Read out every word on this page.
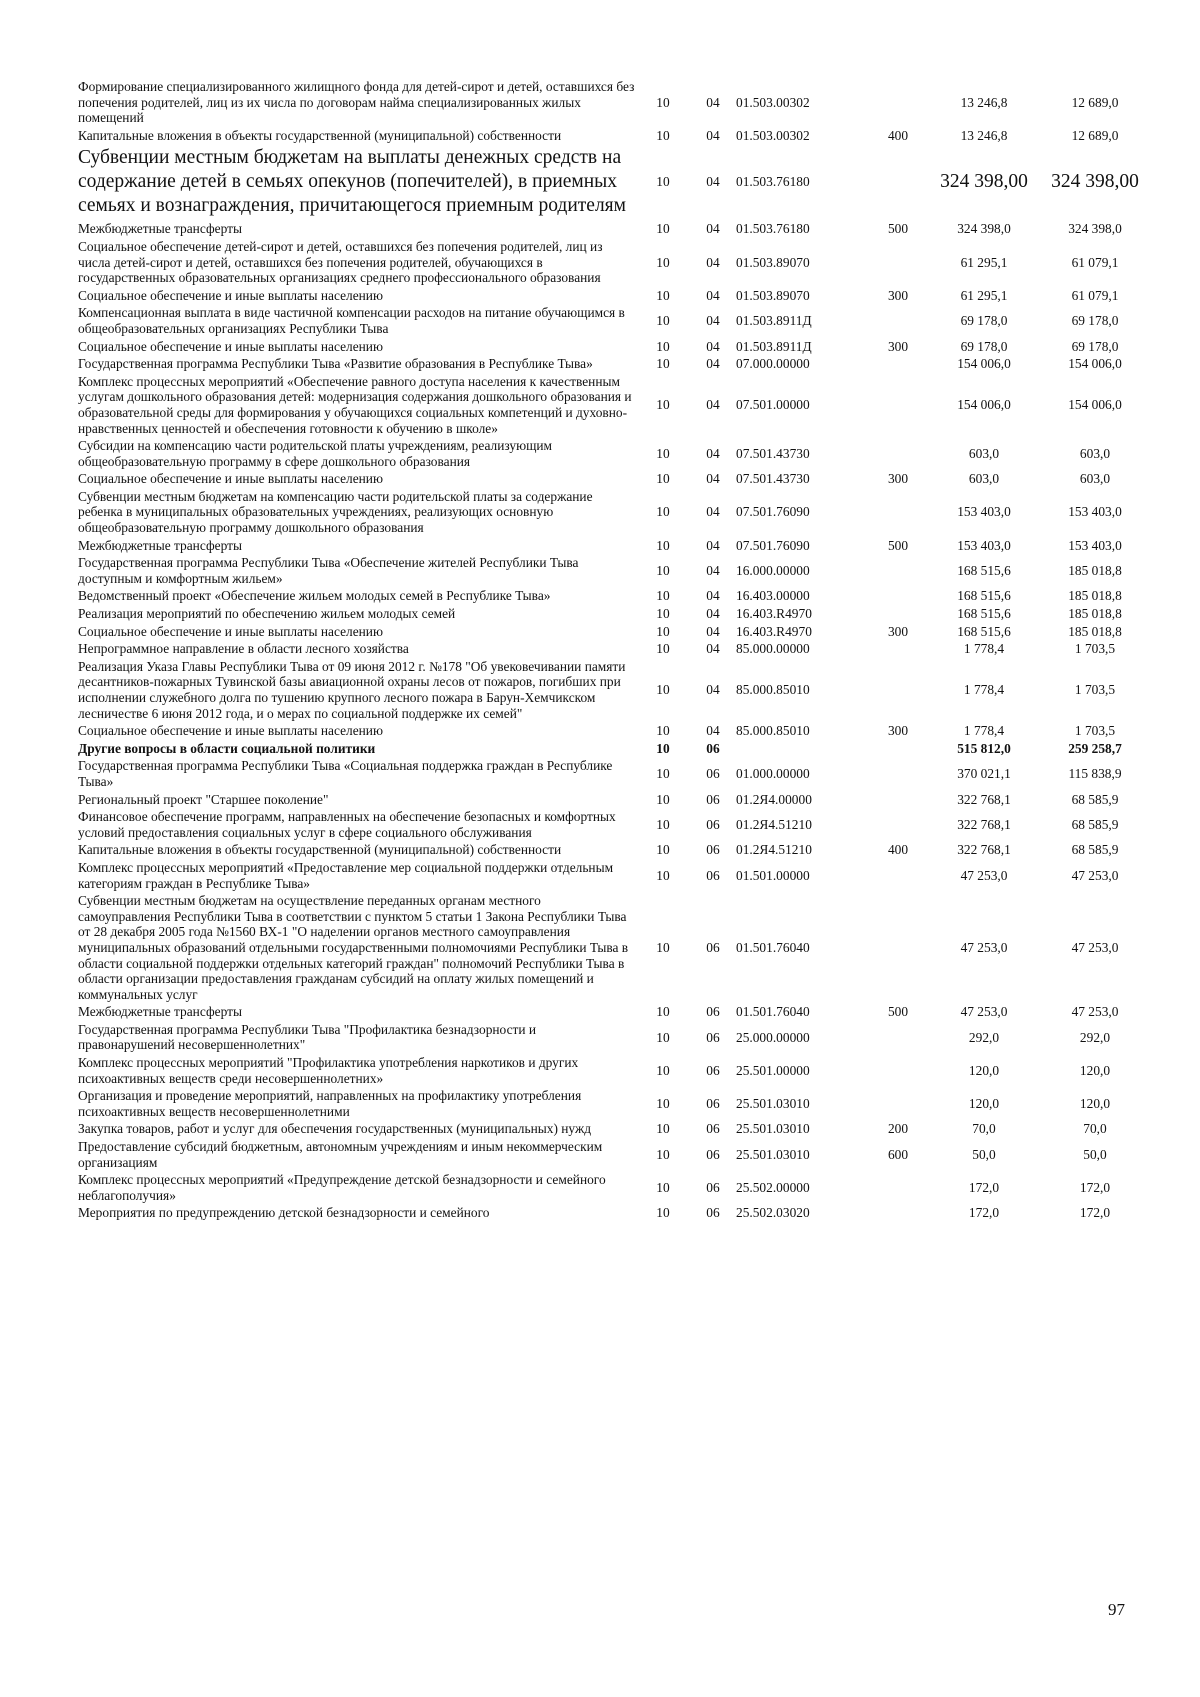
Формирование специализированного жилищного фонда для детей-сирот и детей, оставшихся без попечения родителей, лиц из их числа по договорам найма специализированных жилых помещений	10	04	01.503.00302		13 246,8	12 689,0
Капитальные вложения в объекты государственной (муниципальной) собственности	10	04	01.503.00302	400	13 246,8	12 689,0
Субвенции местным бюджетам на выплаты денежных средств на содержание детей в семьях опекунов (попечителей), в приемных семьях и вознаграждения, причитающегося приемным родителям	10	04	01.503.76180		324 398,00	324 398,00
Межбюджетные трансферты	10	04	01.503.76180	500	324 398,0	324 398,0
Социальное обеспечение детей-сирот и детей, оставшихся без попечения родителей, лиц из числа детей-сирот и детей, оставшихся без попечения родителей, обучающихся в государственных образовательных организациях среднего профессионального образования	10	04	01.503.89070		61 295,1	61 079,1
Социальное обеспечение и иные выплаты населению	10	04	01.503.89070	300	61 295,1	61 079,1
Компенсационная выплата в виде частичной компенсации расходов на питание обучающимся в общеобразовательных организациях Республики Тыва	10	04	01.503.8911Д		69 178,0	69 178,0
Социальное обеспечение и иные выплаты населению	10	04	01.503.8911Д	300	69 178,0	69 178,0
Государственная программа Республики Тыва «Развитие образования в Республике Тыва»	10	04	07.000.00000		154 006,0	154 006,0
Комплекс процессных мероприятий «Обеспечение равного доступа населения к качественным услугам дошкольного образования детей: модернизация содержания дошкольного образования и образовательной среды для формирования у обучающихся социальных компетенций и духовно-нравственных ценностей и обеспечения готовности к обучению в школе»	10	04	07.501.00000		154 006,0	154 006,0
Субсидии на компенсацию части родительской платы учреждениям, реализующим общеобразовательную программу в сфере дошкольного образования	10	04	07.501.43730		603,0	603,0
Социальное обеспечение и иные выплаты населению	10	04	07.501.43730	300	603,0	603,0
Субвенции местным бюджетам на компенсацию части родительской платы за содержание ребенка в муниципальных образовательных учреждениях, реализующих основную общеобразовательную программу дошкольного образования	10	04	07.501.76090		153 403,0	153 403,0
Межбюджетные трансферты	10	04	07.501.76090	500	153 403,0	153 403,0
Государственная программа Республики Тыва «Обеспечение жителей Республики Тыва доступным и комфортным жильем»	10	04	16.000.00000		168 515,6	185 018,8
Ведомственный проект «Обеспечение жильем молодых семей в Республике Тыва»	10	04	16.403.00000		168 515,6	185 018,8
Реализация мероприятий по обеспечению жильем молодых семей	10	04	16.403.R4970		168 515,6	185 018,8
Социальное обеспечение и иные выплаты населению	10	04	16.403.R4970	300	168 515,6	185 018,8
Непрограммное направление в области лесного хозяйства	10	04	85.000.00000		1 778,4	1 703,5
Реализация Указа Главы Республики Тыва от 09 июня 2012 г. №178 "Об увековечивании памяти десантников-пожарных Тувинской базы авиационной охраны лесов от пожаров, погибших при исполнении служебного долга по тушению крупного лесного пожара в Барун-Хемчикском лесничестве 6 июня 2012 года, и о мерах по социальной поддержке их семей"	10	04	85.000.85010		1 778,4	1 703,5
Социальное обеспечение и иные выплаты населению	10	04	85.000.85010	300	1 778,4	1 703,5
Другие вопросы в области социальной политики	10	06			515 812,0	259 258,7
Государственная программа Республики Тыва «Социальная поддержка граждан в Республике Тыва»	10	06	01.000.00000		370 021,1	115 838,9
Региональный проект "Старшее поколение"	10	06	01.2Я4.00000		322 768,1	68 585,9
Финансовое обеспечение программ, направленных на обеспечение безопасных и комфортных условий предоставления социальных услуг в сфере социального обслуживания	10	06	01.2Я4.51210		322 768,1	68 585,9
Капитальные вложения в объекты государственной (муниципальной) собственности	10	06	01.2Я4.51210	400	322 768,1	68 585,9
Комплекс процессных мероприятий «Предоставление мер социальной поддержки отдельным категориям граждан в Республике Тыва»	10	06	01.501.00000		47 253,0	47 253,0
Субвенции местным бюджетам на осуществление переданных органам местного самоуправления Республики Тыва в соответствии с пунктом 5 статьи 1 Закона Республики Тыва от 28 декабря 2005 года №1560 ВХ-1 "О наделении органов местного самоуправления муниципальных образований отдельными государственными полномочиями Республики Тыва в области социальной поддержки отдельных категорий граждан" полномочий Республики Тыва в области организации предоставления гражданам субсидий на оплату жилых помещений и коммунальных услуг	10	06	01.501.76040		47 253,0	47 253,0
Межбюджетные трансферты	10	06	01.501.76040	500	47 253,0	47 253,0
Государственная программа Республики Тыва "Профилактика безнадзорности и правонарушений несовершеннолетних"	10	06	25.000.00000		292,0	292,0
Комплекс процессных мероприятий "Профилактика употребления наркотиков и других психоактивных веществ среди несовершеннолетних»	10	06	25.501.00000		120,0	120,0
Организация и проведение мероприятий, направленных на профилактику употребления психоактивных веществ несовершеннолетними	10	06	25.501.03010		120,0	120,0
Закупка товаров, работ и услуг для обеспечения государственных (муниципальных) нужд	10	06	25.501.03010	200	70,0	70,0
Предоставление субсидий бюджетным, автономным учреждениям и иным некоммерческим организациям	10	06	25.501.03010	600	50,0	50,0
Комплекс процессных мероприятий «Предупреждение детской безнадзорности и семейного неблагополучия»	10	06	25.502.00000		172,0	172,0
Мероприятия по предупреждению детской безнадзорности и семейного	10	06	25.502.03020		172,0	172,0
97
